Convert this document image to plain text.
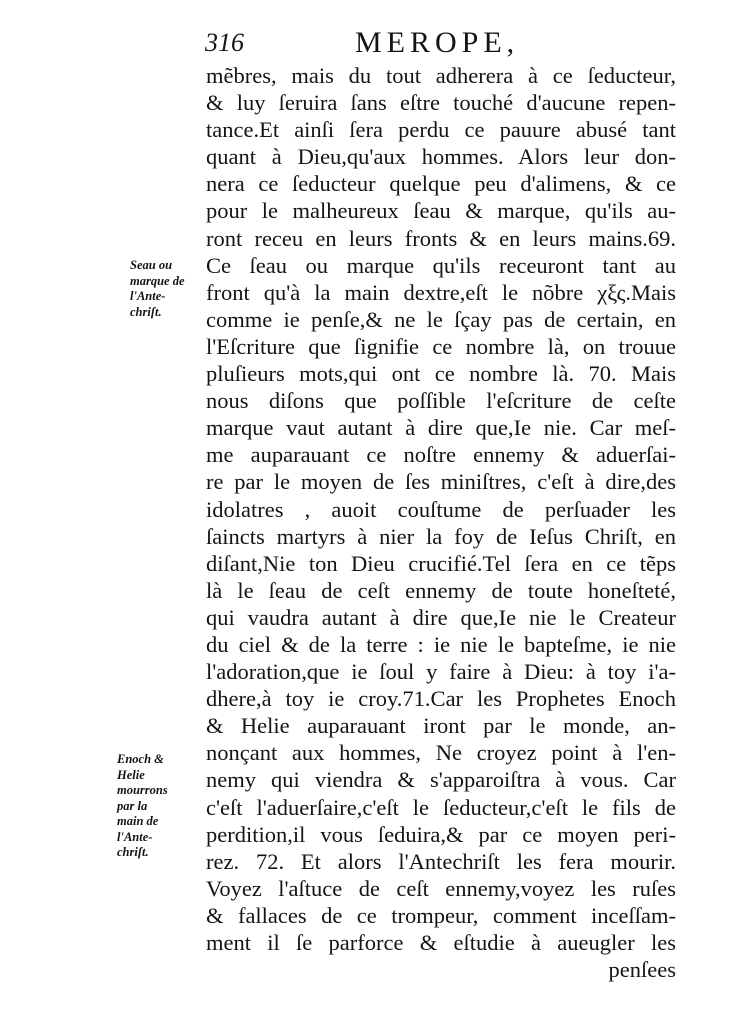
316	MEROPE,
Seau ou
marque de
l'Ante-
chriſt.
Enoch &
Helie
mourrons
par la
main de
l'Ante-
chriſt.
mẽbres, mais du tout adherera à ce ſeducteur,
& luy ſeruira ſans eſtre touché d'aucune repen-
tance.Et ainſi ſera perdu ce pauure abusé tant
quant à Dieu,qu'aux hommes. Alors leur don-
nera ce ſeducteur quelque peu d'alimens, & ce
pour le malheureux ſeau & marque, qu'ils au-
ront receu en leurs fronts & en leurs mains.69.
Ce ſeau ou marque qu'ils receuront tant au
front qu'à la main dextre,eſt le nõbre χξς.Mais
comme ie penſe,& ne le ſçay pas de certain, en
l'Eſcriture que ſignifie ce nombre là, on trouue
pluſieurs mots,qui ont ce nombre là. 70. Mais
nous diſons que poſſible l'eſcriture de ceſte
marque vaut autant à dire que,Ie nie. Car meſ-
me auparauant ce noſtre ennemy & aduerſai-
re par le moyen de ſes miniſtres, c'eſt à dire,des
idolatres , auoit couſtume de perſuader les
ſaincts martyrs à nier la foy de Ieſus Chriſt, en
diſant,Nie ton Dieu crucifié.Tel ſera en ce tẽps
là le ſeau de ceſt ennemy de toute honeſteté,
qui vaudra autant à dire que,Ie nie le Createur
du ciel & de la terre : ie nie le bapteſme, ie nie
l'adoration,que ie ſoul y faire à Dieu: à toy i'a-
dhere,à toy ie croy.71.Car les Prophetes Enoch
& Helie auparauant iront par le monde, an-
nonçant aux hommes, Ne croyez point à l'en-
nemy qui viendra & s'apparoiſtra à vous. Car
c'eſt l'aduerſaire,c'eſt le ſeducteur,c'eſt le fils de
perdition,il vous ſeduira,& par ce moyen peri-
rez. 72. Et alors l'Antechriſt les fera mourir.
Voyez l'aſtuce de ceſt ennemy,voyez les ruſes
& fallaces de ce trompeur, comment inceſſam-
ment il ſe parforce & eſtudie à aueugler les
penſees
